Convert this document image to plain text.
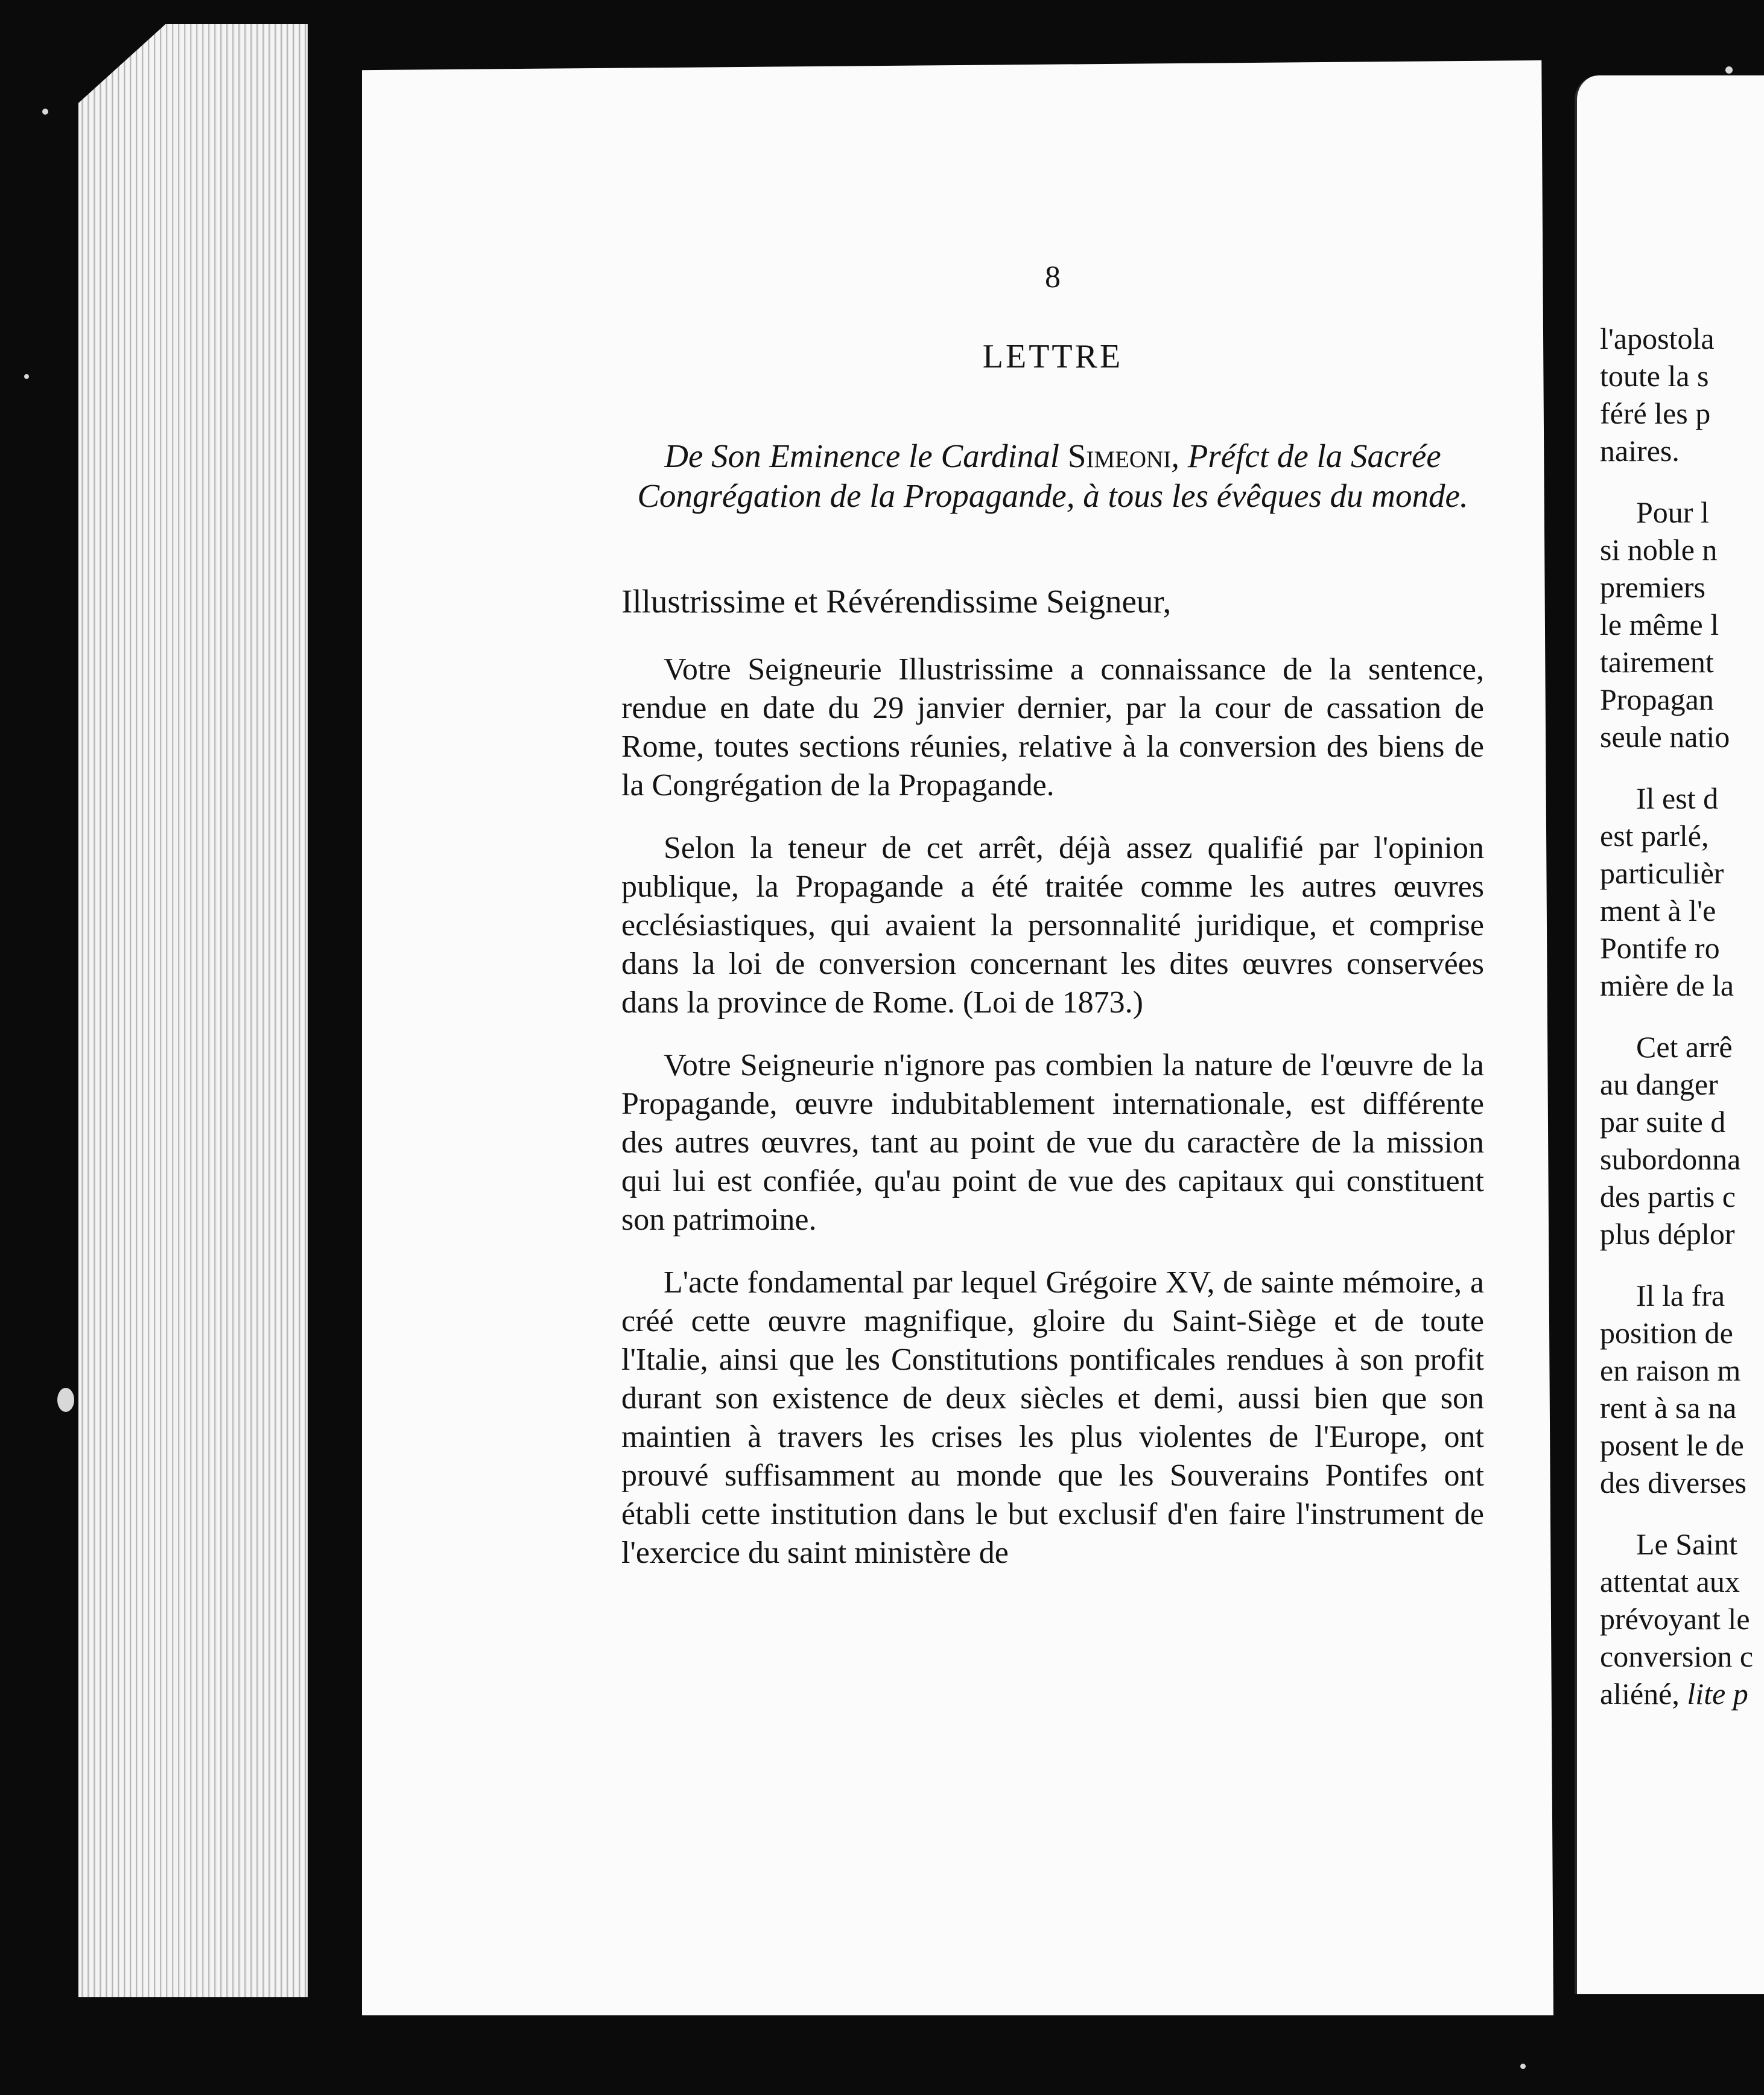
8
LETTRE
De Son Eminence le Cardinal Simeoni, Préfct de la Sacrée Congrégation de la Propagande, à tous les évêques du monde.
Illustrissime et Révérendissime Seigneur,

Votre Seigneurie Illustrissime a connaissance de la sentence, rendue en date du 29 janvier dernier, par la cour de cassation de Rome, toutes sections réunies, relative à la conversion des biens de la Congrégation de la Propagande.

Selon la teneur de cet arrêt, déjà assez qualifié par l'opinion publique, la Propagande a été traitée comme les autres œuvres ecclésiastiques, qui avaient la personnalité juridique, et comprise dans la loi de conversion concernant les dites œuvres conservées dans la province de Rome. (Loi de 1873.)

Votre Seigneurie n'ignore pas combien la nature de l'œuvre de la Propagande, œuvre indubitablement internationale, est différente des autres œuvres, tant au point de vue du caractère de la mission qui lui est confiée, qu'au point de vue des capitaux qui constituent son patrimoine.

L'acte fondamental par lequel Grégoire XV, de sainte mémoire, a créé cette œuvre magnifique, gloire du Saint-Siège et de toute l'Italie, ainsi que les Constitutions pontificales rendues à son profit durant son existence de deux siècles et demi, aussi bien que son maintien à travers les crises les plus violentes de l'Europe, ont prouvé suffisamment au monde que les Souverains Pontifes ont établi cette institution dans le but exclusif d'en faire l'instrument de l'exercice du saint ministère de

l'apostola
toute la s
féré les p
naires.
Pour l
si noble n
premiers
le même l
tairement
Propagan
seule natio
Il est d
est parlé,
particulièr
ment à l'e
Pontife ro
mière de la
Cet arrê
au danger
par suite d
subordonna
des partis c
plus déplor
Il la fra
position de
en raison m
rent à sa na
posent le de
des diverses
Le Saint
attentat aux
prévoyant le
conversion c
aliéné, lite p
